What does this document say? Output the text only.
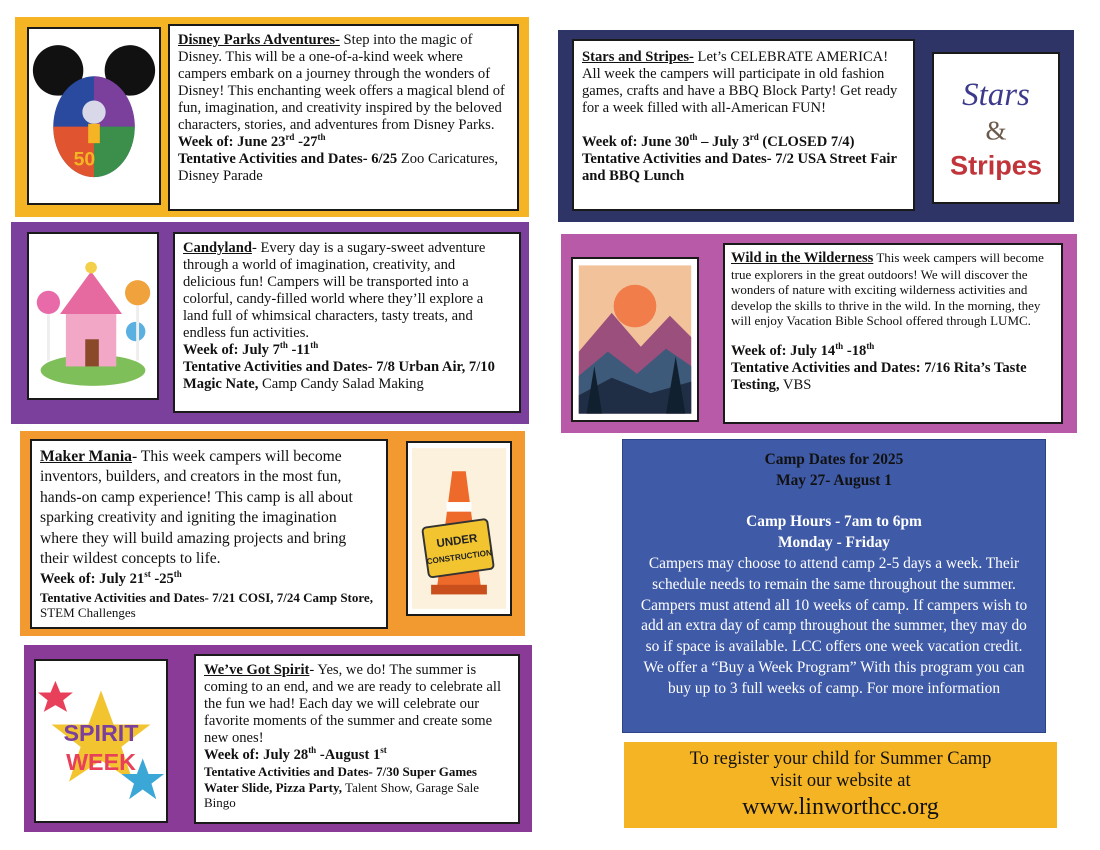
50
Disney Parks Adventures- Step into the magic of Disney. This will be a one-of-a-kind week where campers embark on a journey through the wonders of Disney! This enchanting week offers a magical blend of fun, imagination, and creativity inspired by the beloved characters, stories, and adventures from Disney Parks.
Week of: June 23rd -27th
Tentative Activities and Dates- 6/25 Zoo Caricatures, Disney Parade
Stars and Stripes- Let’s CELEBRATE AMERICA! All week the campers will participate in old fashion games, crafts and have a BBQ Block Party! Get ready for a week filled with all-American FUN!
Week of: June 30th – July 3rd (CLOSED 7/4)
Tentative Activities and Dates- 7/2 USA Street Fair and BBQ Lunch
Stars
&
Stripes
Candyland- Every day is a sugary-sweet adventure through a world of imagination, creativity, and delicious fun! Campers will be transported into a colorful, candy-filled world where they’ll explore a land full of whimsical characters, tasty treats, and endless fun activities.
Week of: July 7th -11th
Tentative Activities and Dates- 7/8 Urban Air, 7/10 Magic Nate, Camp Candy Salad Making
Wild in the Wilderness This week campers will become true explorers in the great outdoors! We will discover the wonders of nature with exciting wilderness activities and develop the skills to thrive in the wild. In the morning, they will enjoy Vacation Bible School offered through LUMC.
Week of: July 14th -18th
Tentative Activities and Dates: 7/16 Rita’s Taste Testing, VBS
Maker Mania- This week campers will become inventors, builders, and creators in the most fun, hands-on camp experience! This camp is all about sparking creativity and igniting the imagination where they will build amazing projects and bring their wildest concepts to life.
Week of: July 21st -25th

Tentative Activities and Dates- 7/21 COSI, 7/24 Camp Store, STEM Challenges
UNDER
CONSTRUCTION
SPIRIT
WEEK
We’ve Got Spirit- Yes, we do! The summer is coming to an end, and we are ready to celebrate all the fun we had! Each day we will celebrate our favorite moments of the summer and create some new ones!
Week of: July 28th -August 1st

Tentative Activities and Dates- 7/30 Super Games Water Slide, Pizza Party, Talent Show, Garage Sale Bingo
Camp Dates for 2025
May 27- August 1
Camp Hours - 7am to 6pm
Monday - Friday
Campers may choose to attend camp 2-5 days a week. Their schedule needs to remain the same throughout the summer. Campers must attend all 10 weeks of camp. If campers wish to add an extra day of camp throughout the summer, they may do so if space is available. LCC offers one week vacation credit.
We offer a “Buy a Week Program” With this program you can buy up to 3 full weeks of camp. For more information
To register your child for Summer Camp
visit our website at
www.linworthcc.org
